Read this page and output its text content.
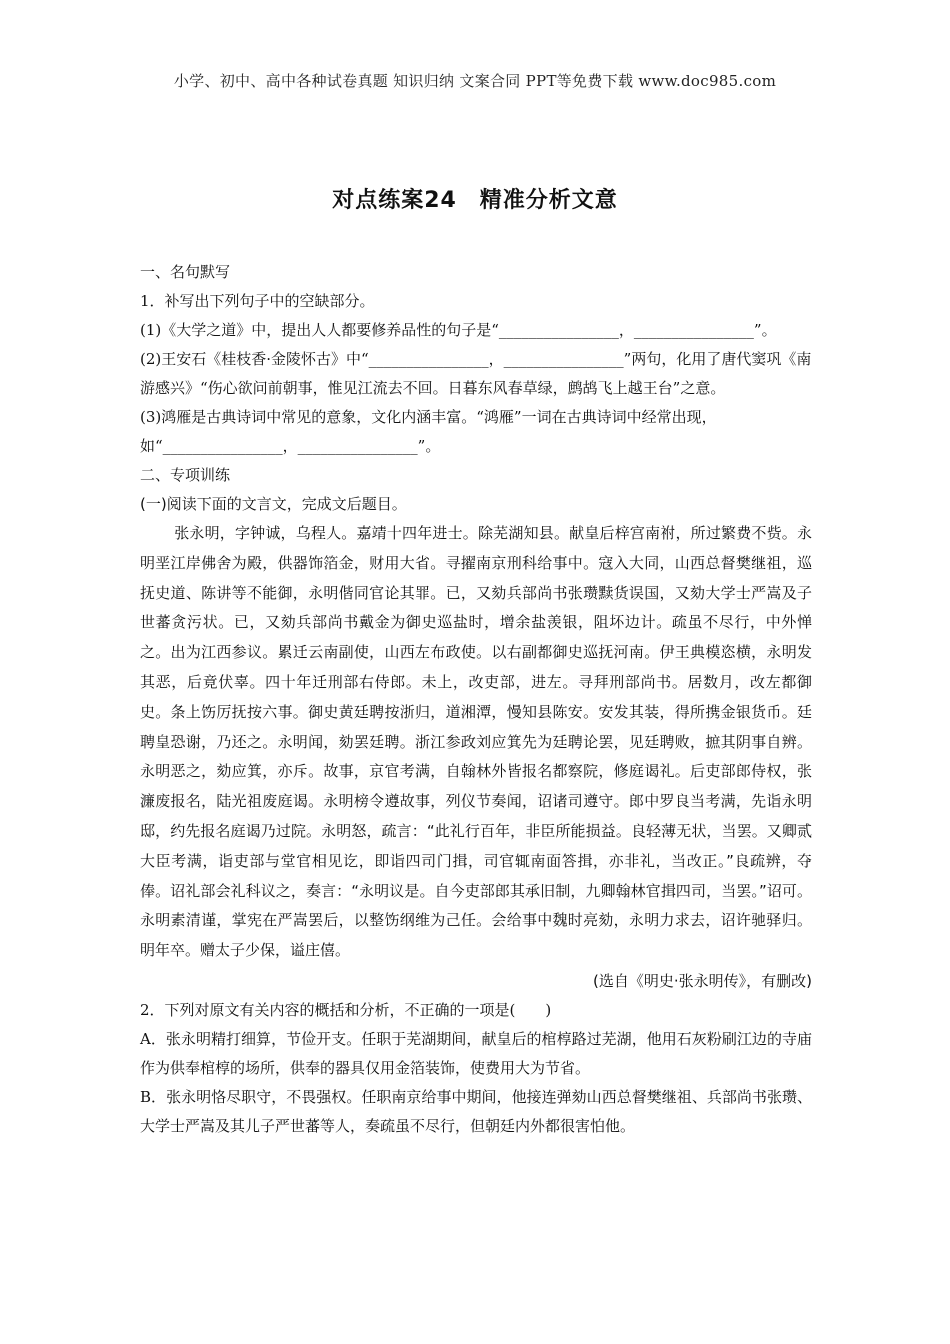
小学、初中、高中各种试卷真题 知识归纳 文案合同 PPT等免费下载 www.doc985.com
对点练案24　精准分析文意

一、名句默写

1．补写出下列句子中的空缺部分。

(1)《大学之道》中，提出人人都要修养品性的句子是“________________，________________”。

(2)王安石《桂枝香·金陵怀古》中“________________，________________”两句，化用了唐代窦巩《南游感兴》“伤心欲问前朝事，惟见江流去不回。日暮东风春草绿，鹧鸪飞上越王台”之意。

(3)鸿雁是古典诗词中常见的意象，文化内涵丰富。“鸿雁”一词在古典诗词中经常出现，如“________________，________________”。

二、专项训练

(一)阅读下面的文言文，完成文后题目。

张永明，字钟诚，乌程人。嘉靖十四年进士。除芜湖知县。献皇后梓宫南祔，所过繁费不赀。永明垩江岸佛舍为殿，供器饰箔金，财用大省。寻擢南京刑科给事中。寇入大同，山西总督樊继祖，巡抚史道、陈讲等不能御，永明偕同官论其罪。已，又劾兵部尚书张瓒黩货误国，又劾大学士严嵩及子世蕃贪污状。已，又劾兵部尚书戴金为御史巡盐时，增余盐羡银，阻坏边计。疏虽不尽行，中外惮之。出为江西参议。累迁云南副使，山西左布政使。以右副都御史巡抚河南。伊王典模恣横，永明发其恶，后竟伏辜。四十年迁刑部右侍郎。未上，改吏部，进左。寻拜刑部尚书。居数月，改左都御史。条上饬厉抚按六事。御史黄廷聘按浙归，道湘潭，慢知县陈安。安发其装，得所携金银货币。廷聘皇恐谢，乃还之。永明闻，劾罢廷聘。浙江参政刘应箕先为廷聘论罢，见廷聘败，摭其阴事自辨。永明恶之，劾应箕，亦斥。故事，京官考满，自翰林外皆报名都察院，修庭谒礼。后吏部郎侍权，张濂废报名，陆光祖废庭谒。永明榜令遵故事，列仪节奏闻，诏诸司遵守。郎中罗良当考满，先诣永明邸，约先报名庭谒乃过院。永明怒，疏言：“此礼行百年，非臣所能损益。良轻薄无状，当罢。又卿贰大臣考满，诣吏部与堂官相见讫，即诣四司门揖，司官辄南面答揖，亦非礼，当改正。”良疏辨，夺俸。诏礼部会礼科议之，奏言：“永明议是。自今吏部郎其承旧制，九卿翰林官揖四司，当罢。”诏可。永明素清谨，掌宪在严嵩罢后，以整饬纲维为己任。会给事中魏时亮劾，永明力求去，诏许驰驿归。明年卒。赠太子少保，谥庄僖。

(选自《明史·张永明传》，有删改)

2．下列对原文有关内容的概括和分析，不正确的一项是(　　)

A．张永明精打细算，节俭开支。任职于芜湖期间，献皇后的棺椁路过芜湖，他用石灰粉刷江边的寺庙作为供奉棺椁的场所，供奉的器具仅用金箔装饰，使费用大为节省。

B．张永明恪尽职守，不畏强权。任职南京给事中期间，他接连弹劾山西总督樊继祖、兵部尚书张瓒、大学士严嵩及其儿子严世蕃等人，奏疏虽不尽行，但朝廷内外都很害怕他。
